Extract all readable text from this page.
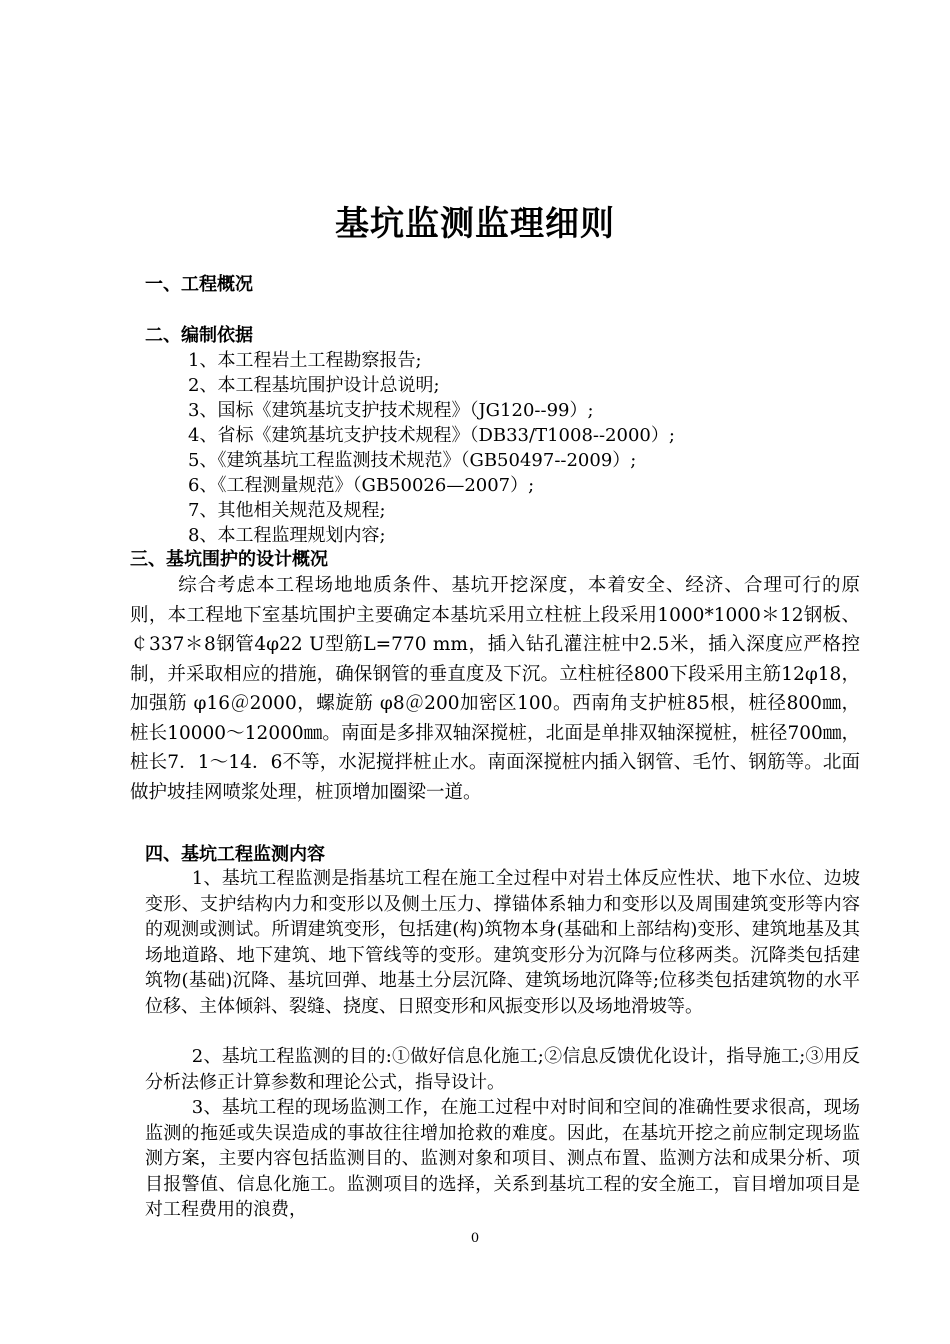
基坑监测监理细则
一、工程概况
二、编制依据
1、本工程岩土工程勘察报告;
2、本工程基坑围护设计总说明;
3、国标《建筑基坑支护技术规程》（JG120--99）;
4、省标《建筑基坑支护技术规程》（DB33/T1008--2000）;
5、《建筑基坑工程监测技术规范》（GB50497--2009）;
6、《工程测量规范》（GB50026—2007）;
7、其他相关规范及规程;
8、本工程监理规划内容;
三、基坑围护的设计概况
综合考虑本工程场地地质条件、基坑开挖深度，本着安全、经济、合理可行的原则，本工程地下室基坑围护主要确定本基坑采用立柱桩上段采用1000*1000＊12钢板、￠337＊8钢管4φ22 U型筋L=770 mm，插入钻孔灌注桩中2.5米，插入深度应严格控制，并采取相应的措施，确保钢管的垂直度及下沉。立柱桩径800下段采用主筋12φ18，加强筋 φ16＠2000，螺旋筋 φ8＠200加密区100。西南角支护桩85根，桩径800㎜，桩长10000～12000㎜。南面是多排双轴深搅桩，北面是单排双轴深搅桩，桩径700㎜，桩长7．1～14．6不等，水泥搅拌桩止水。南面深搅桩内插入钢管、毛竹、钢筋等。北面做护坡挂网喷浆处理，桩顶增加圈梁一道。
四、基坑工程监测内容
1、基坑工程监测是指基坑工程在施工全过程中对岩土体反应性状、地下水位、边坡变形、支护结构内力和变形以及侧土压力、撑锚体系轴力和变形以及周围建筑变形等内容的观测或测试。所谓建筑变形，包括建(构)筑物本身(基础和上部结构)变形、建筑地基及其场地道路、地下建筑、地下管线等的变形。建筑变形分为沉降与位移两类。沉降类包括建筑物(基础)沉降、基坑回弹、地基土分层沉降、建筑场地沉降等;位移类包括建筑物的水平位移、主体倾斜、裂缝、挠度、日照变形和风振变形以及场地滑坡等。
2、基坑工程监测的目的:①做好信息化施工;②信息反馈优化设计，指导施工;③用反分析法修正计算参数和理论公式，指导设计。
3、基坑工程的现场监测工作，在施工过程中对时间和空间的准确性要求很高，现场监测的拖延或失误造成的事故往往增加抢救的难度。因此，在基坑开挖之前应制定现场监测方案，主要内容包括监测目的、监测对象和项目、测点布置、监测方法和成果分析、项目报警值、信息化施工。监测项目的选择，关系到基坑工程的安全施工，盲目增加项目是对工程费用的浪费，
0
